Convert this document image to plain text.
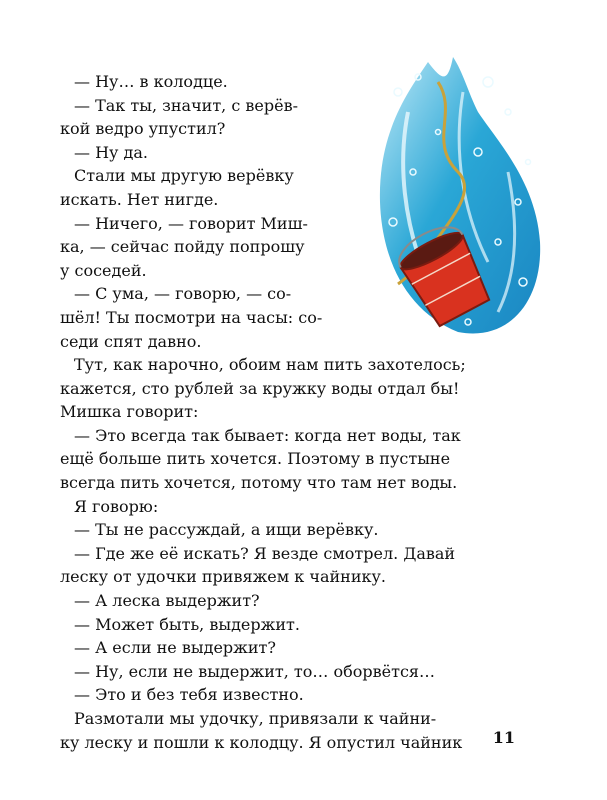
— Ну… в колодце.
— Так ты, значит, с верёв-
кой ведро упустил?
— Ну да.
Стали мы другую верёвку
искать. Нет нигде.
— Ничего, — говорит Миш-
ка, — сейчас пойду попрошу
у соседей.
— С ума, — говорю, — со-
шёл! Ты посмотри на часы: со-
седи спят давно.
Тут, как нарочно, обоим нам пить захотелось;
кажется, сто рублей за кружку воды отдал бы!
Мишка говорит:
— Это всегда так бывает: когда нет воды, так
ещё больше пить хочется. Поэтому в пустыне
всегда пить хочется, потому что там нет воды.
Я говорю:
— Ты не рассуждай, а ищи верёвку.
— Где же её искать? Я везде смотрел. Давай
леску от удочки привяжем к чайнику.
— А леска выдержит?
— Может быть, выдержит.
— А если не выдержит?
— Ну, если не выдержит, то… оборвётся…
— Это и без тебя известно.
Размотали мы удочку, привязали к чайни-
ку леску и пошли к колодцу. Я опустил чайник	11
